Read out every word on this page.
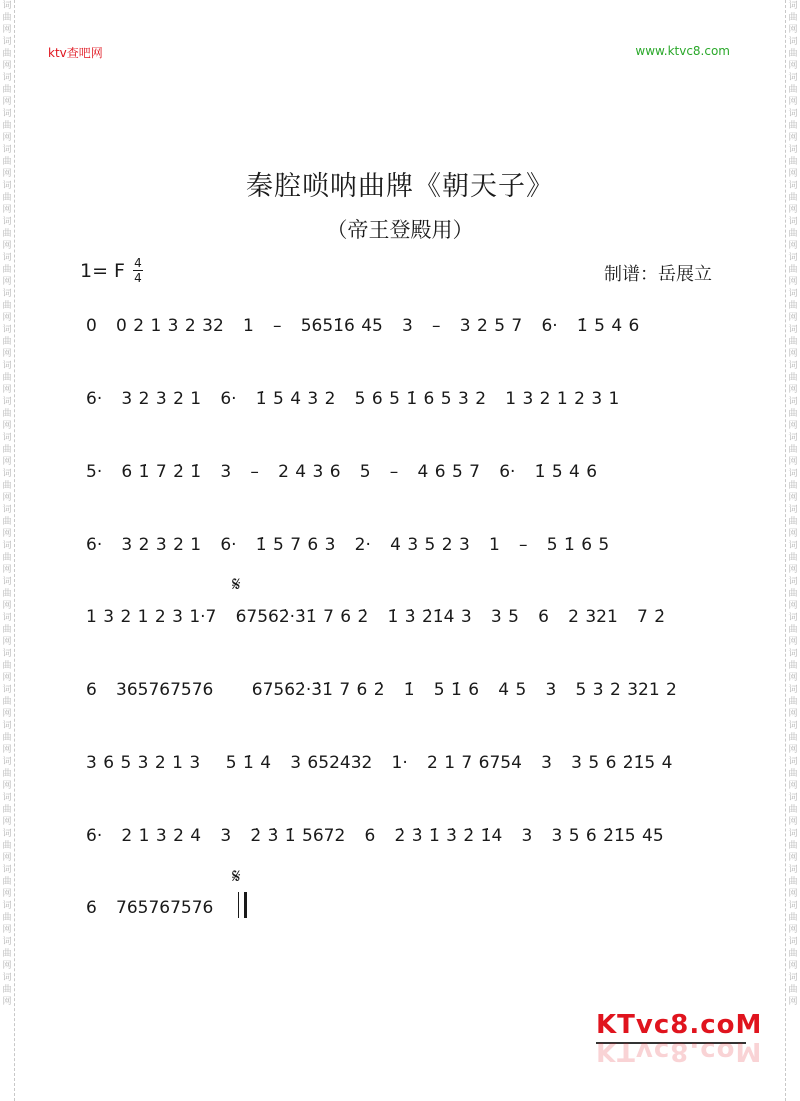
词曲网词曲网词曲网词曲网词曲网词曲网词曲网词曲网词曲网词曲网词曲网词曲网词曲网词曲网词曲网词曲网词曲网词曲网词曲网词曲网词曲网词曲网词曲网词曲网词曲网词曲网词曲网词曲网
词曲网词曲网词曲网词曲网词曲网词曲网词曲网词曲网词曲网词曲网词曲网词曲网词曲网词曲网词曲网词曲网词曲网词曲网词曲网词曲网词曲网词曲网词曲网词曲网词曲网词曲网词曲网词曲网
ktv查吧网	www.ktvc8.com
秦腔唢呐曲牌《朝天子》
（帝王登殿用）
1= F $\frac{4}{4}$	制谱：岳展立
0   0 2 1 3 2 32   1   –   5651̇6 45   3   –   3 2 5 7   6·   1̇ 5 4 6
6·   3 2 3 2 1   6·   1̇ 5 4 3 2   5 6 5 1̇ 6 5 3 2   1 3 2 1 2 3 1
5·   6 1̇ 7 2̇ 1̇   3   –   2 4 3 6   5   –   4 6 5 7   6·   1̇ 5 4 6
6·   3 2 3 2 1   6·   1̇ 5 7 6 3   2·   4 3 5 2 3   1   –   5 1̇ 6 5
𝄋
1 3 2 1 2 3 1·7   67562̇·3̇1̇ 7 6 2̇   1̇ 3̇ 2̇1̇4 3   3 5   6   2 321   7 2̇
6   365767576      67562̇·3̇1̇ 7 6 2̇   1̇   5 1̇ 6   4 5   3   5 3 2 321 2
3 6 5 3 2 1 3    5 1̇ 4   3 652432   1·   2 1 7 6754   3   3 5 6 2̇1̇5 4
6·   2 1 3 2 4   3   2̇ 3̇ 1̇ 5672   6   2̇ 3̇ 1̇ 3̇ 2̇ 1̇4   3   3 5 6 2̇1̇5 45
𝄋
6   765767576
KTvc8.coM
KTvc8.coM
